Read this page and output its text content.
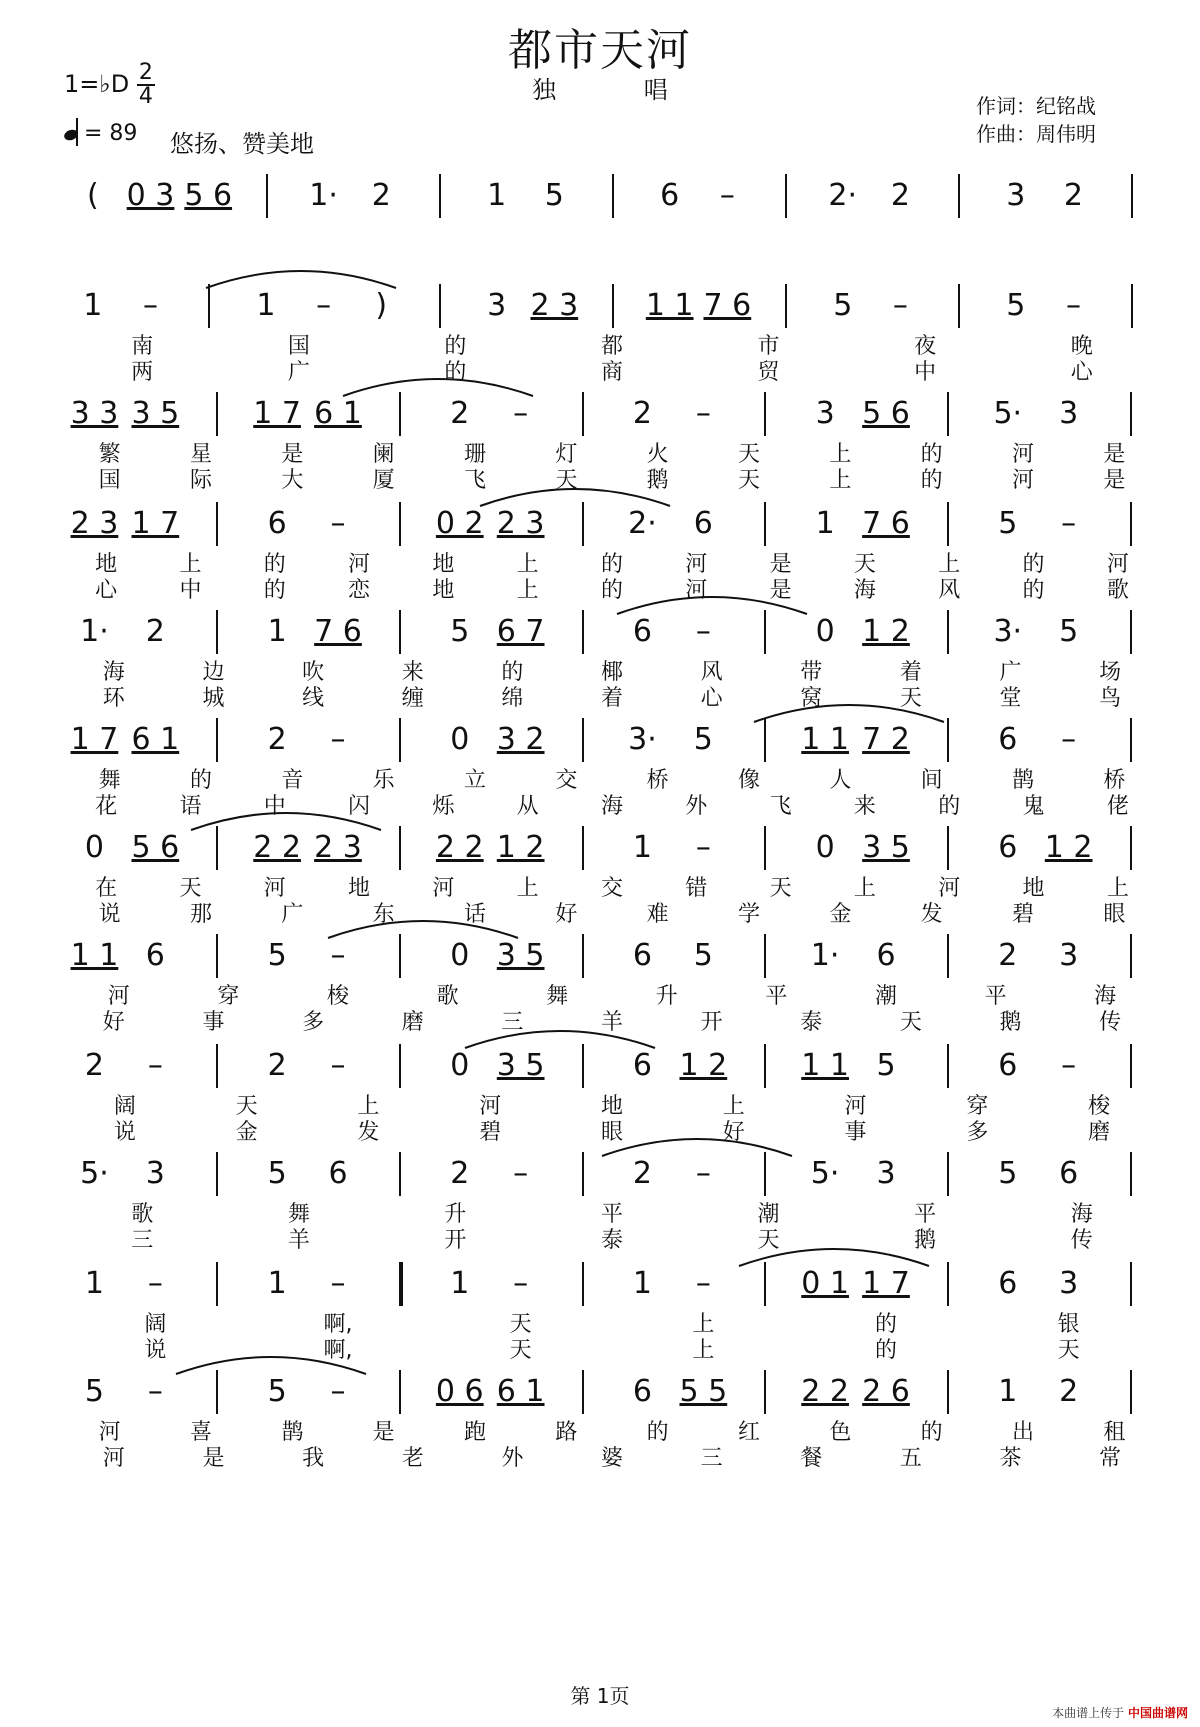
都市天河
独 唱
1=♭D $\frac{2}{4}$
= 89 悠扬、赞美地
作词：纪铭战
作曲：周伟明
( 0 3 5 6	1· 2	1 5	6 –	2· 2	3 2
1 –	1 – )	3 2 3 1 1 7 6	5 –	5 –
南	国	的	都	市	夜	晚
两	广	的	商	贸	中	心
3 3 3 5 1 7 6 1	2 –	2 –	3 5 6	5· 3
繁	星	是	阑	珊	灯	火	天	上	的	河	是
国	际	大	厦	飞	天	鹅	天	上	的	河	是
2 3 1 7	6 –	0 2 2 3	2· 6	1 7 6	5 –
地	上	的	河	地	上	的	河	是	天	上	的	河
心	中	的	恋	地	上	的	河	是	海	风	的	歌
1· 2	1 7 6	5 6 7	6 –	0 1 2	3· 5
海	边	吹	来	的	椰	风	带	着	广	场
环	城	线	缠	绵	着	心	窝	天	堂	鸟
1 7 6 1	2 –	0 3 2	3· 5	1 1 7 2	6 –
舞	的	音	乐	立	交	桥	像	人	间	鹊	桥
花	语	中	闪	烁	从	海	外	飞	来	的	鬼	佬
0 5 6 2 2 2 3 2 2 1 2	1 –	0 3 5	6 1 2
在	天	河	地	河	上	交	错	天	上	河	地	上
说	那	广	东	话	好	难	学	金	发	碧	眼
1 1 6	5 –	0 3 5	6 5	1· 6	2 3
河	穿	梭	歌	舞	升	平	潮	平	海
好	事	多	磨	三	羊	开	泰	天	鹅	传
2 –	2 –	0 3 5	6 1 2 1 1 5	6 –
阔	天	上	河	地	上	河	穿	梭
说	金	发	碧	眼	好	事	多	磨
5· 3	5 6	2 –	2 –	5· 3	5 6
歌	舞	升	平	潮	平	海
三	羊	开	泰	天	鹅	传
1 –	1 –	1 –	1 –	0 1 1 7	6 3
阔	啊,	天	上	的	银
说	啊,	天	上	的	天
5 –	5 –	0 6 6 1	6 5 5 2 2 2 6	1 2
河	喜	鹊	是	跑	路	的	红	色	的	出	租
河	是	我	老	外	婆	三	餐	五	茶	常
第 1页
本曲谱上传于 中国曲谱网
